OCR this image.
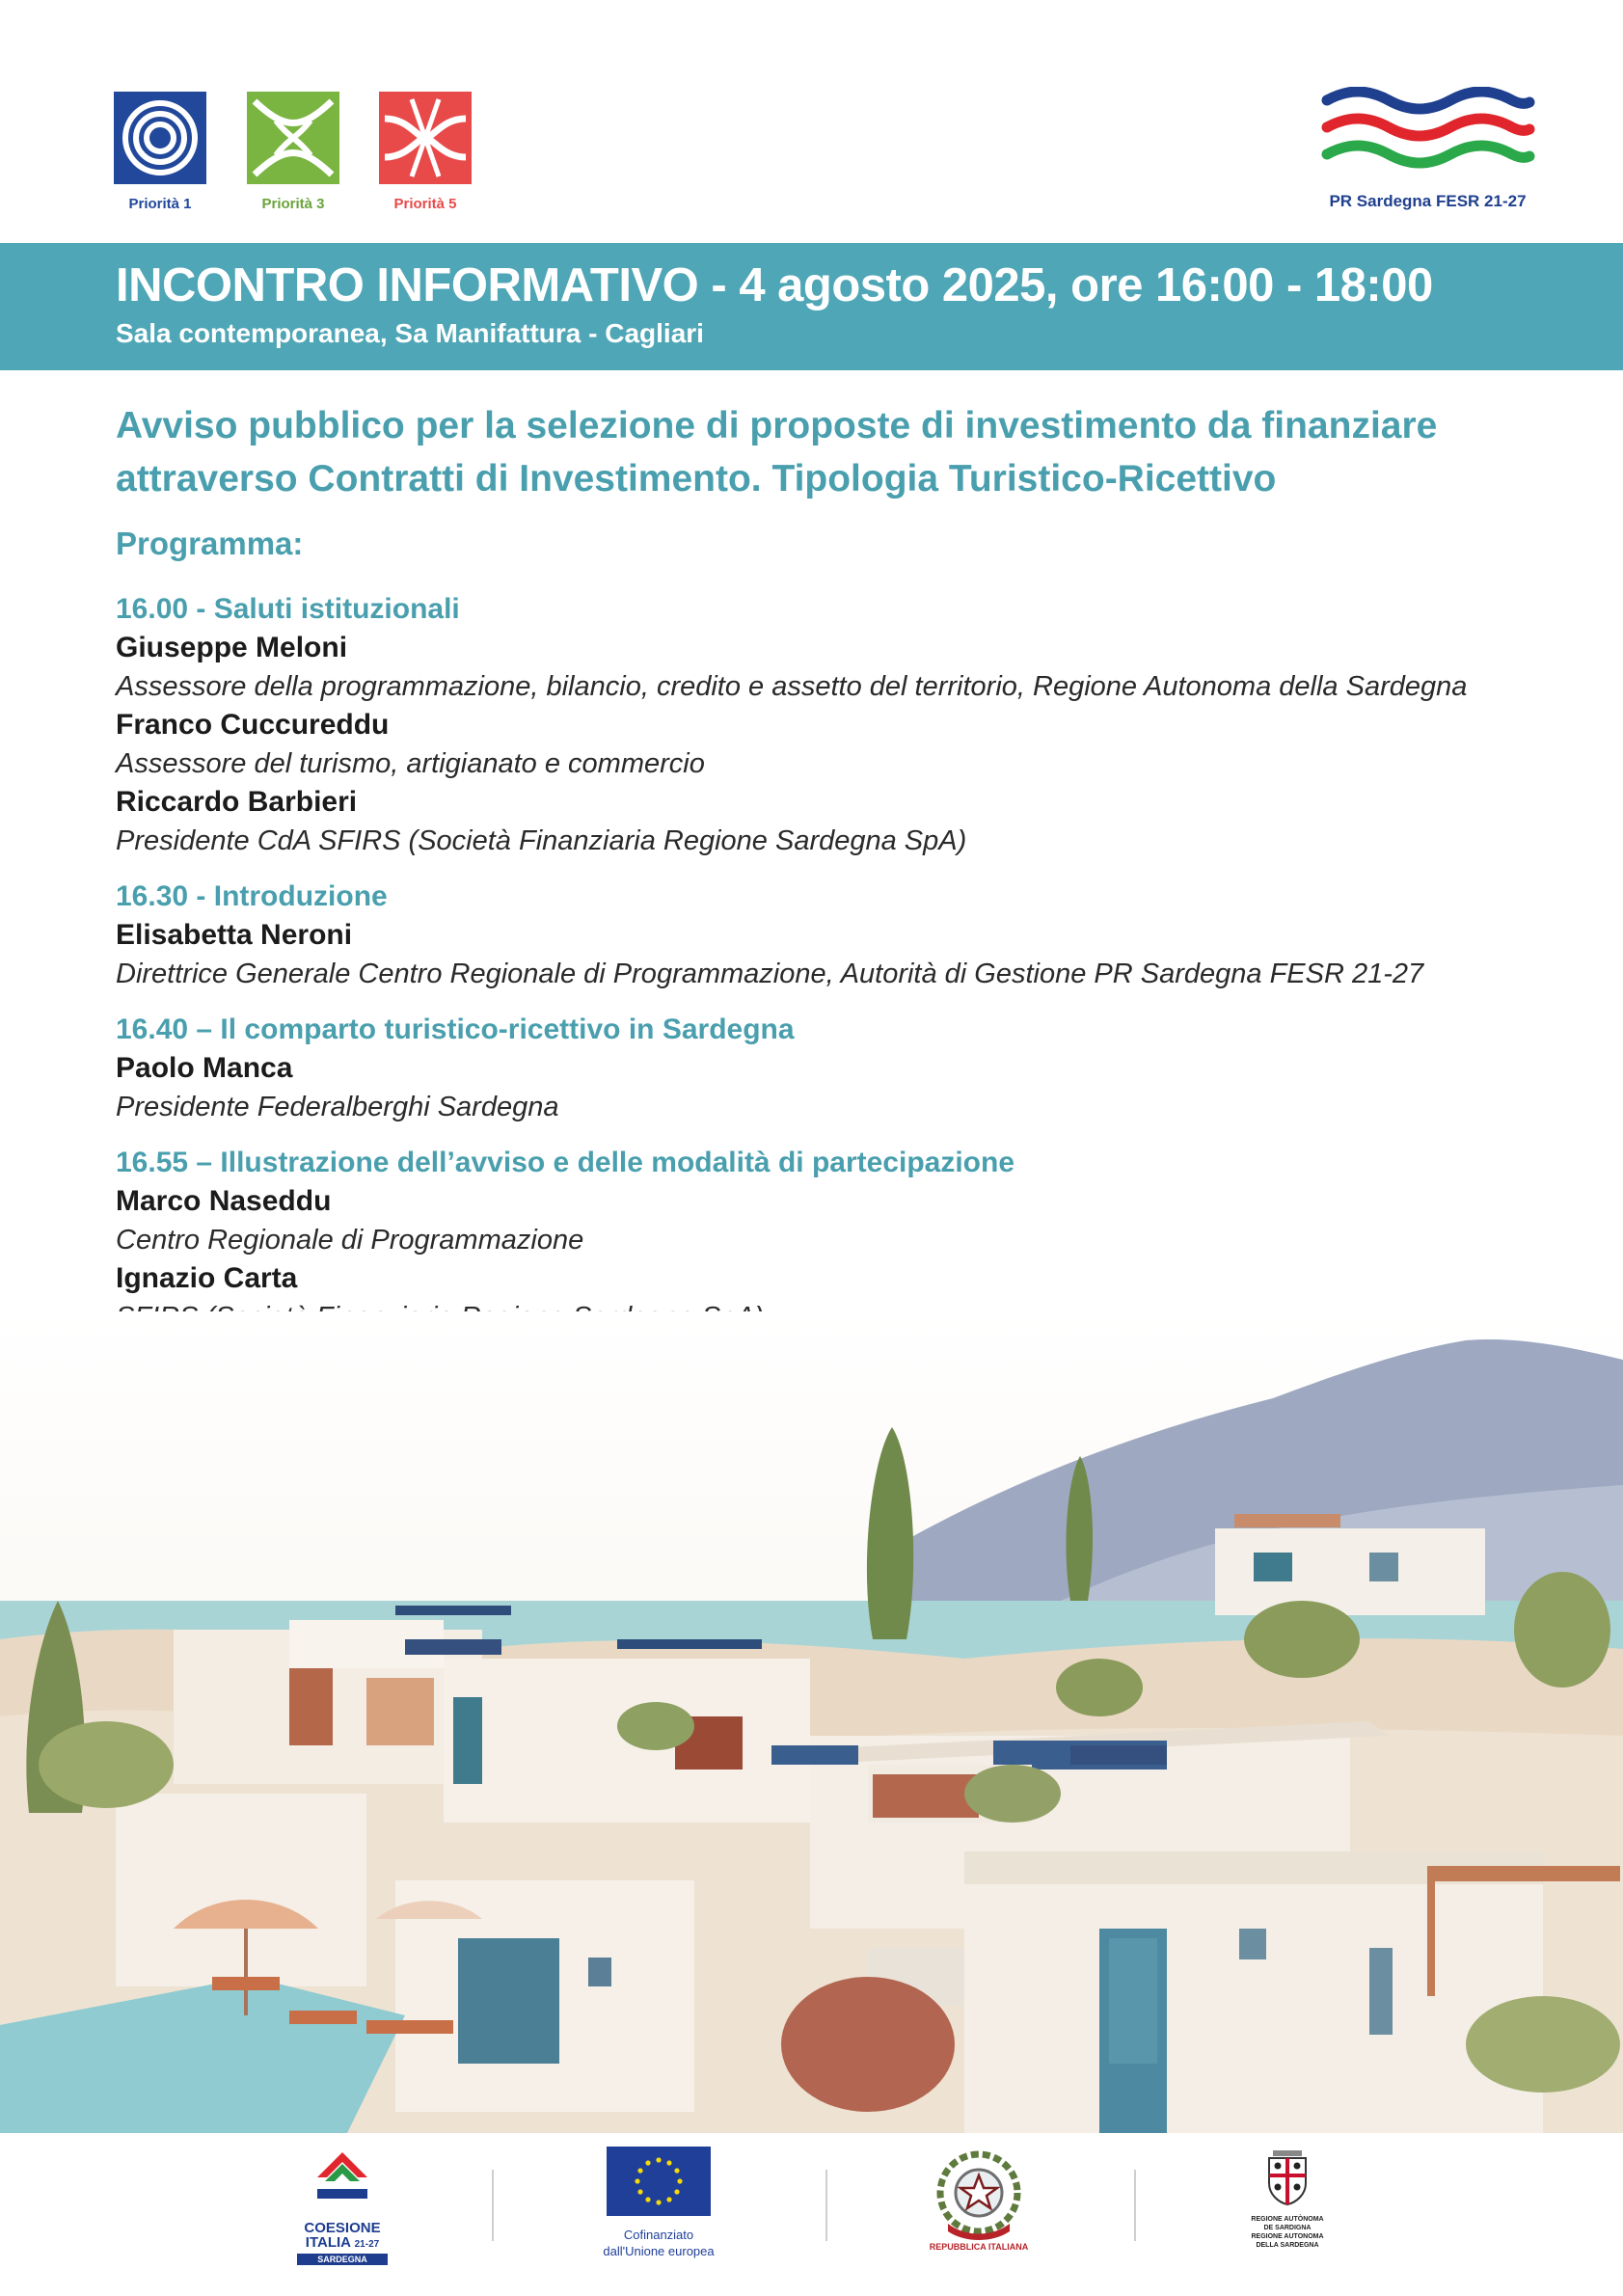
Priorità 1	Priorità 3	Priorità 5	PR Sardegna FESR 21-27
INCONTRO INFORMATIVO - 4 agosto 2025, ore 16:00 - 18:00
Sala contemporanea, Sa Manifattura - Cagliari
Avviso pubblico per la selezione di proposte di investimento da finanziare attraverso Contratti di Investimento. Tipologia Turistico-Ricettivo
Programma:
16.00 - Saluti istituzionali
Giuseppe Meloni
Assessore della programmazione, bilancio, credito e assetto del territorio, Regione Autonoma della Sardegna
Franco Cuccureddu
Assessore del turismo, artigianato e commercio
Riccardo Barbieri
Presidente CdA SFIRS (Società Finanziaria Regione Sardegna SpA)
16.30 - Introduzione
Elisabetta Neroni
Direttrice Generale Centro Regionale di Programmazione, Autorità di Gestione PR Sardegna FESR 21-27
16.40 – Il comparto turistico-ricettivo in Sardegna
Paolo Manca
Presidente Federalberghi Sardegna
16.55 – Illustrazione dell’avviso e delle modalità di partecipazione
Marco Naseddu
Centro Regionale di Programmazione
Ignazio Carta
COESIONE
ITALIA 21-27
SARDEGNA
Cofinanziato
dall'Unione europea	REPUBBLICA ITALIANA
REGIONE AUTÒNOMA
DE SARDIGNA
REGIONE AUTONOMA
DELLA SARDEGNA
